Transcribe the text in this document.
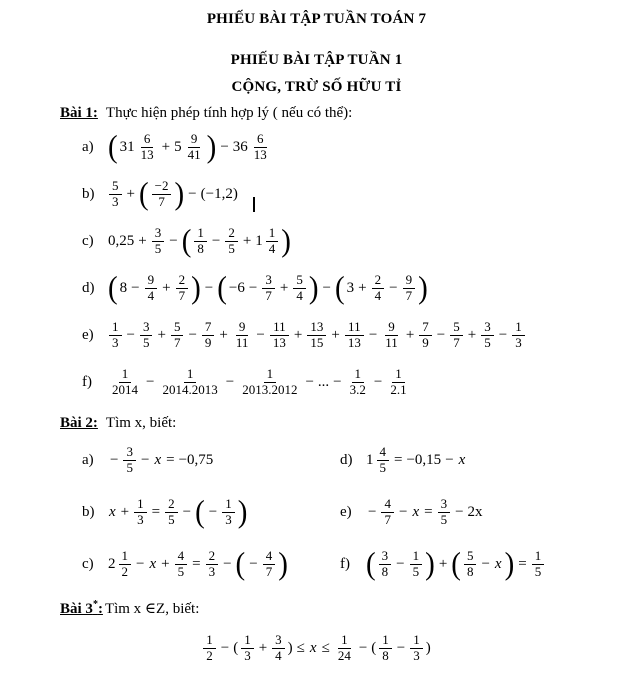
PHIẾU BÀI TẬP TUẦN TOÁN 7
PHIẾU BÀI TẬP TUẦN 1
CỘNG, TRỪ SỐ HỮU TỈ
Bài 1: Thực hiện phép tính hợp lý ( nếu có thể):
a) ( $31 \frac{6}{13} + 5 \frac{9}{41}$ ) − $36 \frac{6}{13}$
b)	$\frac{5}{3}$ + ( $\frac{-2}{7}$ ) − (−1,2)
c) $0,25 + \frac{3}{5}$ − ( $\frac{1}{8} - \frac{2}{5} + 1 \frac{1}{4}$ )
d) ( $8 - \frac{9}{4} + \frac{2}{7}$ ) − ( $-6 - \frac{3}{7} + \frac{5}{4}$ ) − ( $3 + \frac{2}{4} - \frac{9}{7}$ )
e)	$\frac{1}{3} - \frac{3}{5} + \frac{5}{7} - \frac{7}{9} + \frac{9}{11} - \frac{11}{13} + \frac{13}{15} + \frac{11}{13} - \frac{9}{11} + \frac{7}{9} - \frac{5}{7} + \frac{3}{5} - \frac{1}{3}$
f)	$\frac{1}{2014} - \frac{1}{2014.2013} - \frac{1}{2013.2012}$ − ... − $\frac{1}{3.2} - \frac{1}{2.1}$
Bài 2: Tìm x, biết:
a)	− $\frac{3}{5} - x = -0,75$	d) $1 \frac{4}{5} = -0,15 - x$
b) $x + \frac{1}{3} = \frac{2}{5}$ − ( − $\frac{1}{3}$ )	e)	− $\frac{4}{7} - x = \frac{3}{5} - 2x$
c) $2 \frac{1}{2} - x + \frac{4}{5} = \frac{2}{3}$ − ( − $\frac{4}{7}$ )	f) ( $\frac{3}{8} - \frac{1}{5}$ ) + ( $\frac{5}{8} - x$ ) = $\frac{1}{5}$
Bài 3*: Tìm x ∈Z, biết:
$\frac{1}{2}$ − ( $\frac{1}{3} + \frac{3}{4}$ ) ≤ $x \le \frac{1}{24}$ − ( $\frac{1}{8} - \frac{1}{3}$ )
